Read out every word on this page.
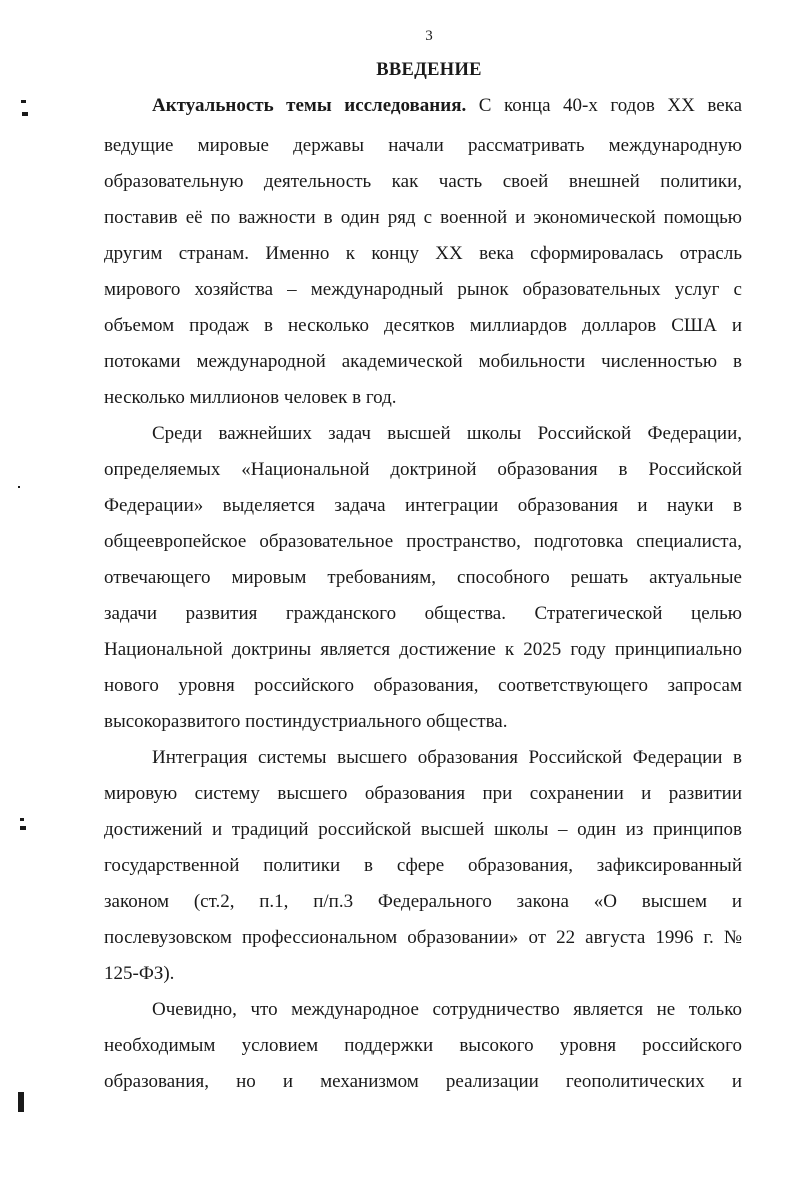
3
ВВЕДЕНИЕ
Актуальность темы исследования. С конца 40-х годов XX века
ведущие мировые державы начали рассматривать международную
образовательную деятельность как часть своей внешней политики,
поставив её по важности в один ряд с военной и экономической помощью
другим странам. Именно к концу XX века сформировалась отрасль
мирового хозяйства – международный рынок образовательных услуг с
объемом продаж в несколько десятков миллиардов долларов США и
потоками международной академической мобильности численностью в
несколько миллионов человек в год.
Среди важнейших задач высшей школы Российской Федерации,
определяемых «Национальной доктриной образования в Российской
Федерации» выделяется задача интеграции образования и науки в
общеевропейское образовательное пространство, подготовка специалиста,
отвечающего мировым требованиям, способного решать актуальные
задачи развития гражданского общества. Стратегической целью
Национальной доктрины является достижение к 2025 году принципиально
нового уровня российского образования, соответствующего запросам
высокоразвитого постиндустриального общества.
Интеграция системы высшего образования Российской Федерации в
мировую систему высшего образования при сохранении и развитии
достижений и традиций российской высшей школы – один из принципов
государственной политики в сфере образования, зафиксированный
законом (ст.2, п.1, п/п.3 Федерального закона «О высшем и
послевузовском профессиональном образовании» от 22 августа 1996 г. №
125-ФЗ).
Очевидно, что международное сотрудничество является не только
необходимым условием поддержки высокого уровня российского
образования, но и механизмом реализации геополитических и
